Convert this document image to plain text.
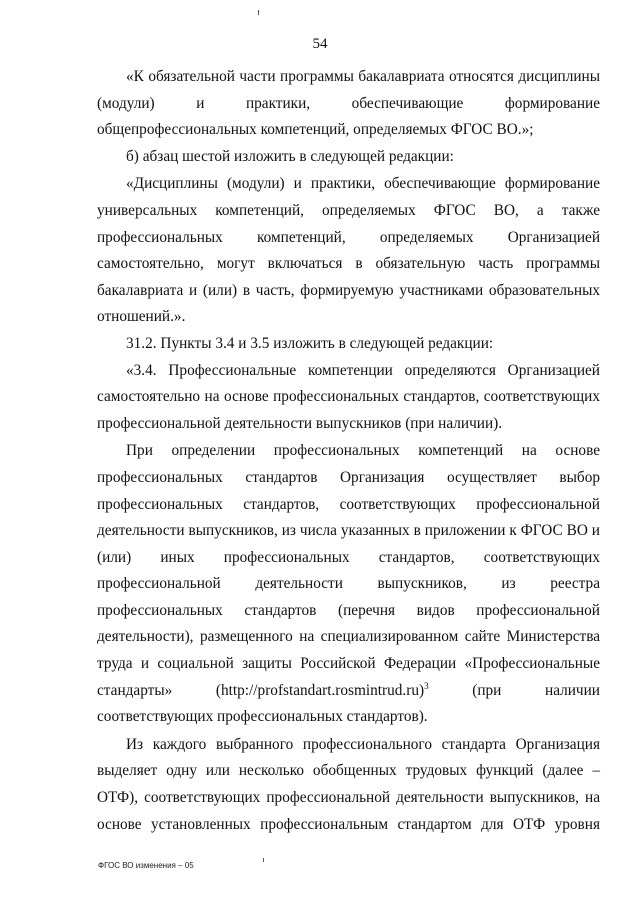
54

«К обязательной части программы бакалавриата относятся дисциплины (модули) и практики, обеспечивающие формирование общепрофессиональных компетенций, определяемых ФГОС ВО.»;

б) абзац шестой изложить в следующей редакции:

«Дисциплины (модули) и практики, обеспечивающие формирование универсальных компетенций, определяемых ФГОС ВО, а также профессиональных компетенций, определяемых Организацией самостоятельно, могут включаться в обязательную часть программы бакалавриата и (или) в часть, формируемую участниками образовательных отношений.».

31.2. Пункты 3.4 и 3.5 изложить в следующей редакции:

«3.4. Профессиональные компетенции определяются Организацией самостоятельно на основе профессиональных стандартов, соответствующих профессиональной деятельности выпускников (при наличии).

При определении профессиональных компетенций на основе профессиональных стандартов Организация осуществляет выбор профессиональных стандартов, соответствующих профессиональной деятельности выпускников, из числа указанных в приложении к ФГОС ВО и (или) иных профессиональных стандартов, соответствующих профессиональной деятельности выпускников, из реестра профессиональных стандартов (перечня видов профессиональной деятельности), размещенного на специализированном сайте Министерства труда и социальной защиты Российской Федерации «Профессиональные стандарты» (http://profstandart.rosmintrud.ru)$^3$ (при наличии соответствующих профессиональных стандартов).

Из каждого выбранного профессионального стандарта Организация выделяет одну или несколько обобщенных трудовых функций (далее – ОТФ), соответствующих профессиональной деятельности выпускников, на основе установленных профессиональным стандартом для ОТФ уровня

ФГОС ВО изменения – 05
